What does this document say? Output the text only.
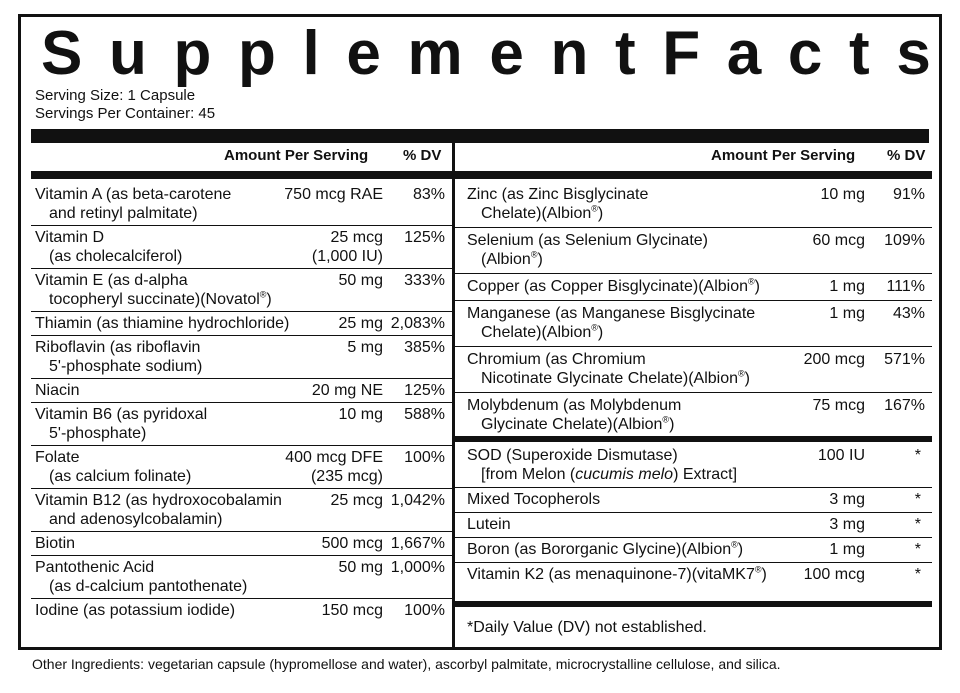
S u p p l e m e n t F a c t s
Serving Size: 1 Capsule
Servings Per Container: 45
Amount Per Serving % DV	Amount Per Serving % DV
Vitamin A (as beta-carotene
and retinyl palmitate)
750 mcg RAE 83%
Vitamin D
(as cholecalciferol)
25 mcg
(1,000 IU)
125%
Vitamin E (as d-alpha
tocopheryl succinate)(Novatol®)
50 mg 333%
Thiamin (as thiamine hydrochloride)	25 mg 2,083%
Riboflavin (as riboflavin
5'-phosphate sodium)
5 mg 385%
Niacin	20 mg NE 125%
Vitamin B6 (as pyridoxal
5'-phosphate)
10 mg 588%
Folate
(as calcium folinate)
400 mcg DFE
(235 mcg)
100%
Vitamin B12 (as hydroxocobalamin
and adenosylcobalamin)
25 mcg 1,042%
Biotin	500 mcg 1,667%
Pantothenic Acid
(as d-calcium pantothenate)
50 mg 1,000%
Iodine (as potassium iodide)	150 mcg 100%
Zinc (as Zinc Bisglycinate
Chelate)(Albion®)
10 mg 91%
Selenium (as Selenium Glycinate)
(Albion®)
60 mcg 109%
Copper (as Copper Bisglycinate)(Albion®)	1 mg 111%
Manganese (as Manganese Bisglycinate
Chelate)(Albion®)
1 mg 43%
Chromium (as Chromium
Nicotinate Glycinate Chelate)(Albion®)
200 mcg 571%
Molybdenum (as Molybdenum
Glycinate Chelate)(Albion®)
75 mcg 167%
SOD (Superoxide Dismutase)
[from Melon (cucumis melo) Extract]
100 IU	*
Mixed Tocopherols	3 mg	*
Lutein	3 mg	*
Boron (as Bororganic Glycine)(Albion®)	1 mg	*
Vitamin K2 (as menaquinone-7)(vitaMK7®) 100 mcg	*
*Daily Value (DV) not established.
Other Ingredients: vegetarian capsule (hypromellose and water), ascorbyl palmitate, microcrystalline cellulose, and silica.
